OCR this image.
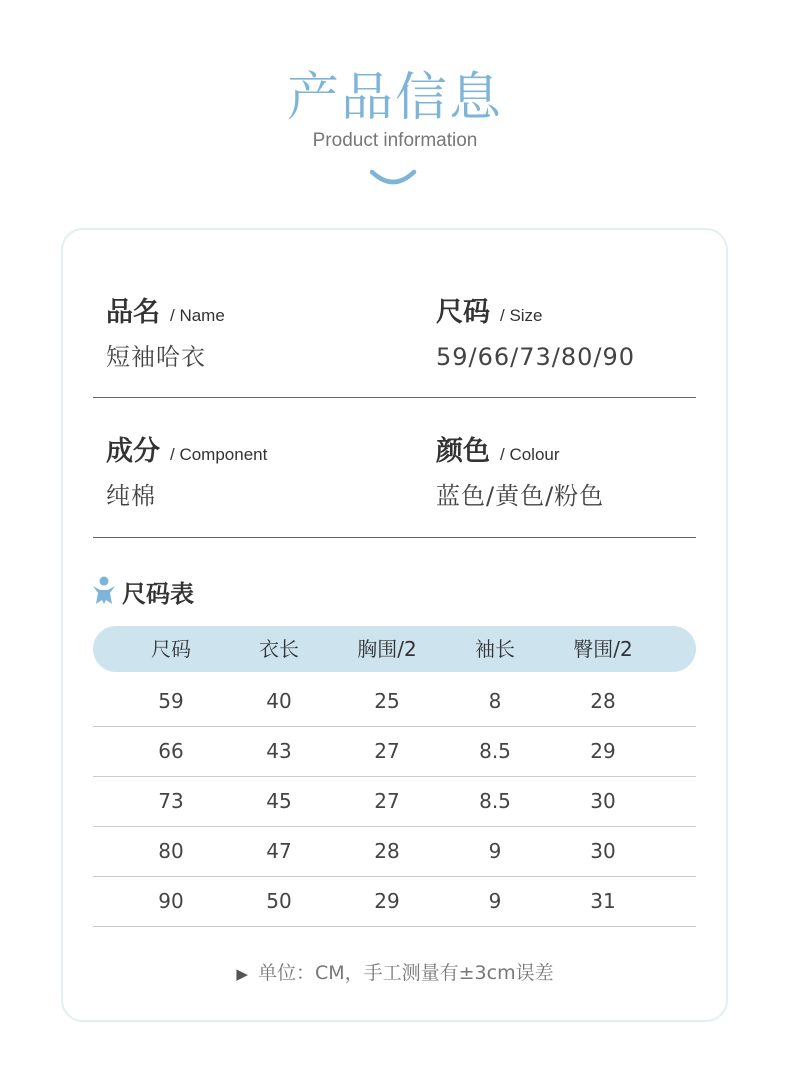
产品信息
Product information
品名 / Name
短袖哈衣
尺码 / Size
59/66/73/80/90
成分 / Component
纯棉
颜色 / Colour
蓝色/黄色/粉色
尺码表
尺码	衣长	胸围/2	袖长	臀围/2
59	40	25	8	28
66	43	27	8.5	29
73	45	27	8.5	30
80	47	28	9	30
90	50	29	9	31
▶ 单位：CM，手工测量有±3cm误差
